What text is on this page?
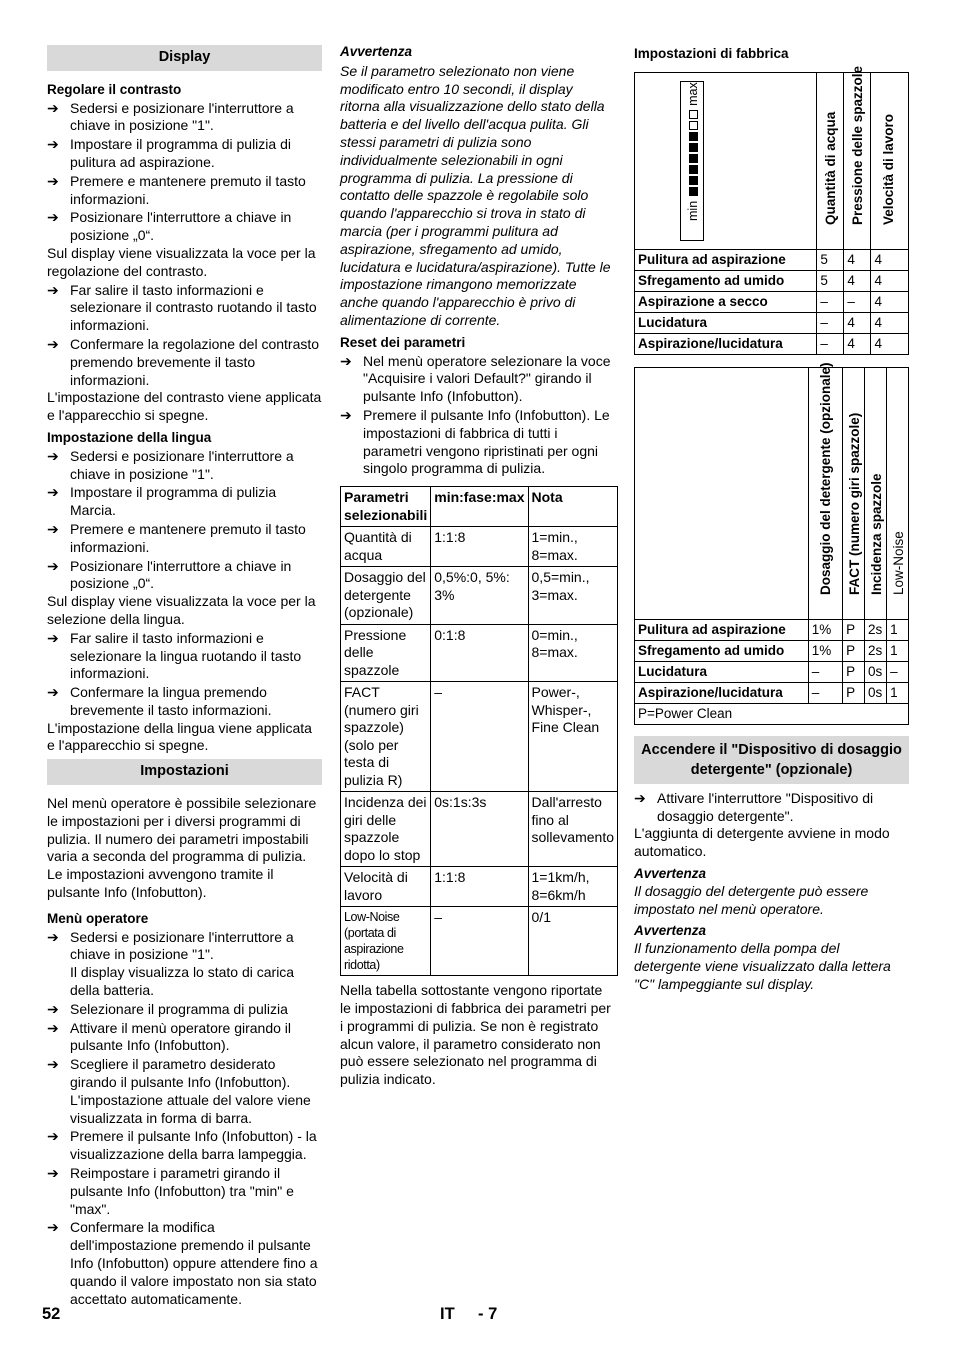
Display
Regolare il contrasto
➔ Sedersi e posizionare l'interruttore a chiave in posizione "1".
➔ Impostare il programma di pulizia di pulitura ad aspirazione.
➔ Premere e mantenere premuto il tasto informazioni.
➔ Posizionare l'interruttore a chiave in posizione „0“.

Sul display viene visualizzata la voce per la regolazione del contrasto.

➔ Far salire il tasto informazioni e selezionare il contrasto ruotando il tasto informazioni.
➔ Confermare la regolazione del contrasto premendo brevemente il tasto informazioni.

L'impostazione del contrasto viene applicata e l'apparecchio si spegne.

Impostazione della lingua
➔ Sedersi e posizionare l'interruttore a chiave in posizione "1".
➔ Impostare il programma di pulizia Marcia.
➔ Premere e mantenere premuto il tasto informazioni.
➔ Posizionare l'interruttore a chiave in posizione „0“.

Sul display viene visualizzata la voce per la selezione della lingua.

➔ Far salire il tasto informazioni e selezionare la lingua ruotando il tasto informazioni.
➔ Confermare la lingua premendo brevemente il tasto informazioni.

L'impostazione della lingua viene applicata e l'apparecchio si spegne.

Impostazioni

Nel menù operatore è possibile selezionare le impostazioni per i diversi programmi di pulizia. Il numero dei parametri impostabili varia a seconda del programma di pulizia. Le impostazioni avvengono tramite il pulsante Info (Infobutton).

Menù operatore
➔ Sedersi e posizionare l'interruttore a chiave in posizione "1".

Il display visualizza lo stato di carica della batteria.

➔ Selezionare il programma di pulizia
➔ Attivare il menù operatore girando il pulsante Info (Infobutton).
➔ Scegliere il parametro desiderato girando il pulsante Info (Infobutton). L'impostazione attuale del valore viene visualizzata in forma di barra.
➔ Premere il pulsante Info (Infobutton) - la visualizzazione della barra lampeggia.
➔ Reimpostare i parametri girando il pulsante Info (Infobutton) tra "min" e "max".
➔ Confermare la modifica dell'impostazione premendo il pulsante Info (Infobutton) oppure attendere fino a quando il valore impostato non sia stato accettato automaticamente.
Avvertenza

Se il parametro selezionato non viene modificato entro 10 secondi, il display ritorna alla visualizzazione dello stato della batteria e del livello dell'acqua pulita. Gli stessi parametri di pulizia sono individualmente selezionabili in ogni programma di pulizia. La pressione di contatto delle spazzole è regolabile solo quando l'apparecchio si trova in stato di marcia (per i programmi pulitura ad aspirazione, sfregamento ad umido, lucidatura e lucidatura/aspirazione). Tutte le impostazione rimangono memorizzate anche quando l'apparecchio è privo di alimentazione di corrente.

Reset dei parametri
➔ Nel menù operatore selezionare la voce "Acquisire i valori Default?" girando il pulsante Info (Infobutton).
➔ Premere il pulsante Info (Infobutton). Le impostazioni di fabbrica di tutti i parametri vengono ripristinati per ogni singolo programma di pulizia.
Parametri selezionabili	min:fase:max	Nota
Quantità di acqua	1:1:8	1=min., 8=max.
Dosaggio del detergente (opzionale)	0,5%:0, 5%: 3%	0,5=min., 3=max.
Pressione delle spazzole	0:1:8	0=min., 8=max.
FACT (numero giri spazzole) (solo per testa di pulizia R)	–	Power-, Whisper-, Fine Clean
Incidenza dei giri delle spazzole dopo lo stop	0s:1s:3s	Dall'arresto fino al sollevamento
Velocità di lavoro	1:1:8	1=1km/h, 8=6km/h
Low-Noise (portata di aspirazione ridotta)	–	0/1

Nella tabella sottostante vengono riportate le impostazioni di fabbrica dei parametri per i programmi di pulizia. Se non è registrato alcun valore, il parametro considerato non può essere selezionato nel programma di pulizia indicato.

Impostazioni di fabbrica
min  max	Quantità di acqua	Pressione delle spazzole	Velocità di lavoro

Pulitura ad aspirazione	5	4	4
Sfregamento ad umido	5	4	4
Aspirazione a secco	–	–	4
Lucidatura	–	4	4
Aspirazione/lucidatura	–	4	4

	Dosaggio del detergente (opzionale)	FACT (numero giri spazzole)	Incidenza spazzole	Low-Noise

Pulitura ad aspirazione	1%	P	2s	1
Sfregamento ad umido	1%	P	2s	1
Lucidatura	–	P	0s	–
Aspirazione/lucidatura	–	P	0s	1
P=Power Clean				
Accendere il "Dispositivo di dosaggio detergente" (opzionale)
➔ Attivare l'interruttore "Dispositivo di dosaggio detergente".

L'aggiunta di detergente avviene in modo automatico.

Avvertenza

Il dosaggio del detergente può essere impostato nel menù operatore.

Avvertenza

Il funzionamento della pompa del detergente viene visualizzato dalla lettera "C" lampeggiante sul display.

52	IT - 7
